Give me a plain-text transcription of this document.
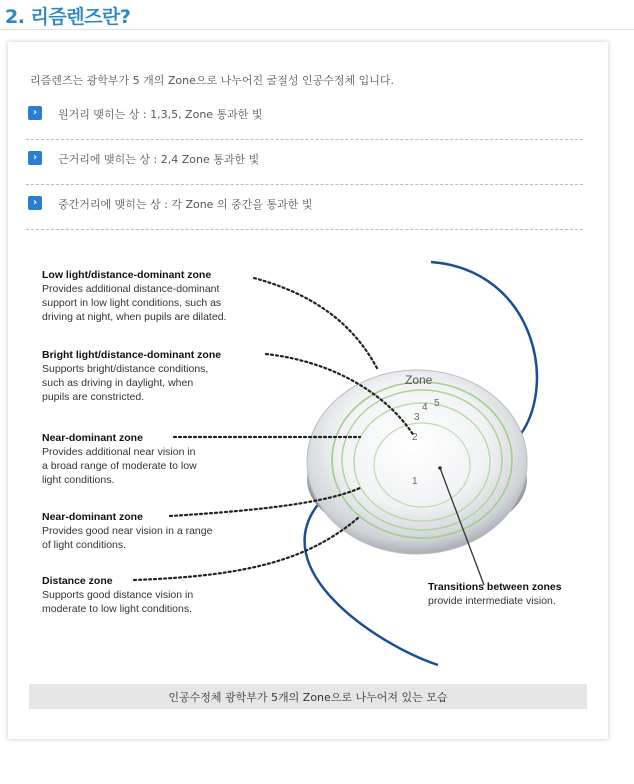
2. 리즘렌즈란?
리즘렌즈는 광학부가 5 개의 Zone으로 나누어진 굴절성 인공수정체 입니다.
›	원거리 맺히는 상 : 1,3,5, Zone 통과한 빛
›	근거리에 맺히는 상 : 2,4 Zone 통과한 빛
›	중간거리에 맺히는 상 : 각 Zone 의 중간을 통과한 빛
Zone
5
4
3
2
1
Low light/distance-dominant zone
Provides additional distance-dominant
support in low light conditions, such as
driving at night, when pupils are dilated.
Bright light/distance-dominant zone
Supports bright/distance conditions,
such as driving in daylight, when
pupils are constricted.
Near-dominant zone
Provides additional near vision in
a broad range of moderate to low
light conditions.
Near-dominant zone
Provides good near vision in a range
of light conditions.
Distance zone
Supports good distance vision in
moderate to low light conditions.
Transitions between zones
provide intermediate vision.
인공수정체 광학부가 5개의 Zone으로 나누어져 있는 모습
